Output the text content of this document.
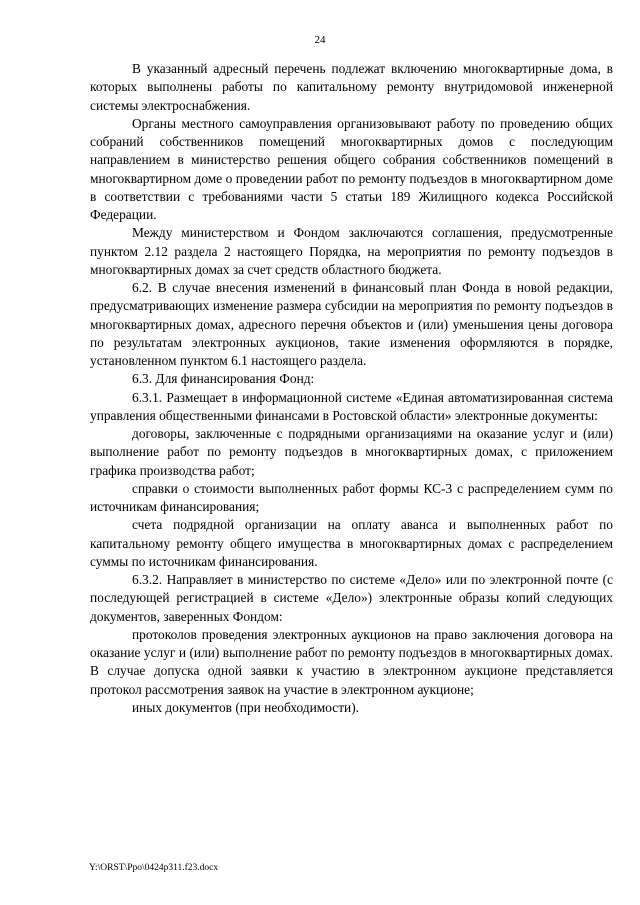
24

В указанный адресный перечень подлежат включению многоквартирные дома, в которых выполнены работы по капитальному ремонту внутридомовой инженерной системы электроснабжения.

Органы местного самоуправления организовывают работу по проведению общих собраний собственников помещений многоквартирных домов с последующим направлением в министерство решения общего собрания собственников помещений в многоквартирном доме о проведении работ по ремонту подъездов в многоквартирном доме в соответствии с требованиями части 5 статьи 189 Жилищного кодекса Российской Федерации.

Между министерством и Фондом заключаются соглашения, предусмотренные пунктом 2.12 раздела 2 настоящего Порядка, на мероприятия по ремонту подъездов в многоквартирных домах за счет средств областного бюджета.

6.2. В случае внесения изменений в финансовый план Фонда в новой редакции, предусматривающих изменение размера субсидии на мероприятия по ремонту подъездов в многоквартирных домах, адресного перечня объектов и (или) уменьшения цены договора по результатам электронных аукционов, такие изменения оформляются в порядке, установленном пунктом 6.1 настоящего раздела.

6.3. Для финансирования Фонд:

6.3.1. Размещает в информационной системе «Единая автоматизированная система управления общественными финансами в Ростовской области» электронные документы:

договоры, заключенные с подрядными организациями на оказание услуг и (или) выполнение работ по ремонту подъездов в многоквартирных домах, с приложением графика производства работ;

справки о стоимости выполненных работ формы КС-3 с распределением сумм по источникам финансирования;

счета подрядной организации на оплату аванса и выполненных работ по капитальному ремонту общего имущества в многоквартирных домах с распределением суммы по источникам финансирования.

6.3.2. Направляет в министерство по системе «Дело» или по электронной почте (с последующей регистрацией в системе «Дело») электронные образы копий следующих документов, заверенных Фондом:

протоколов проведения электронных аукционов на право заключения договора на оказание услуг и (или) выполнение работ по ремонту подъездов в многоквартирных домах. В случае допуска одной заявки к участию в электронном аукционе представляется протокол рассмотрения заявок на участие в электронном аукционе;

иных документов (при необходимости).

Y:\ORST\Ppo\0424p311.f23.docx
